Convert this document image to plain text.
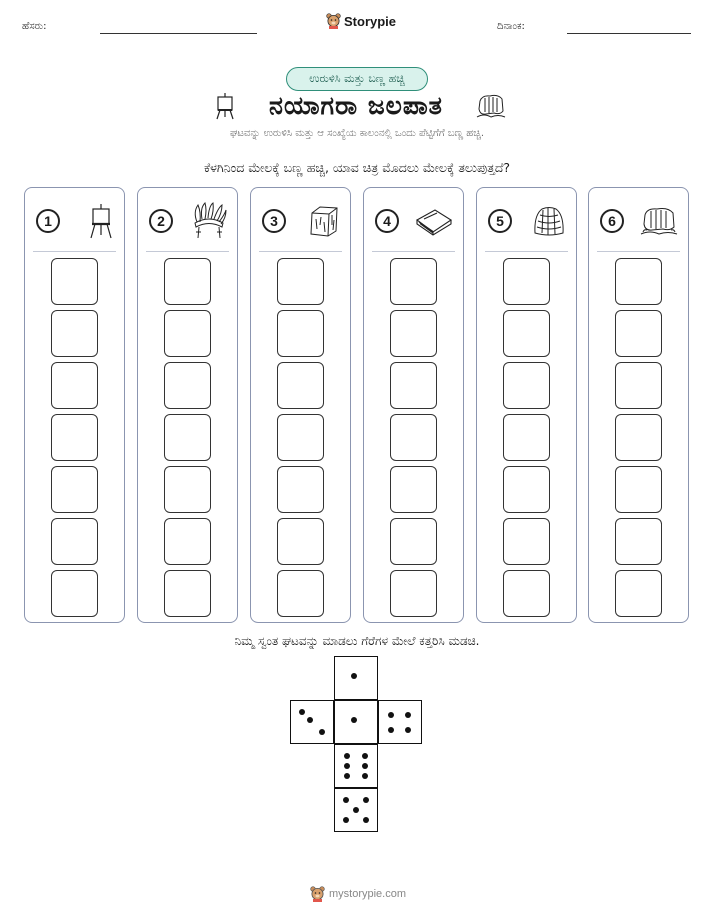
ಹೆಸರು:	Storypie	ದಿನಾಂಕ:
ಉರುಳಿಸಿ ಮತ್ತು ಬಣ್ಣ ಹಚ್ಚಿ
ನಯಾಗರಾ ಜಲಪಾತ
ಘಟವನ್ನು ಉರುಳಿಸಿ ಮತ್ತು ಆ ಸಂಖ್ಯೆಯ ಕಾಲಂನಲ್ಲಿ ಒಂದು ಪೆಟ್ಟಿಗೆಗೆ ಬಣ್ಣ ಹಚ್ಚಿ.
ಕೆಳಗಿನಿಂದ ಮೇಲಕ್ಕೆ ಬಣ್ಣ ಹಚ್ಚಿ, ಯಾವ ಚಿತ್ರ ಮೊದಲು ಮೇಲಕ್ಕೆ ತಲುಪುತ್ತದೆ?
1	2	3	4	5	6
ನಿಮ್ಮ ಸ್ವಂತ ಘಟವನ್ನು ಮಾಡಲು ಗೆರೆಗಳ ಮೇಲೆ ಕತ್ತರಿಸಿ ಮಡಚಿ.
mystorypie.com
